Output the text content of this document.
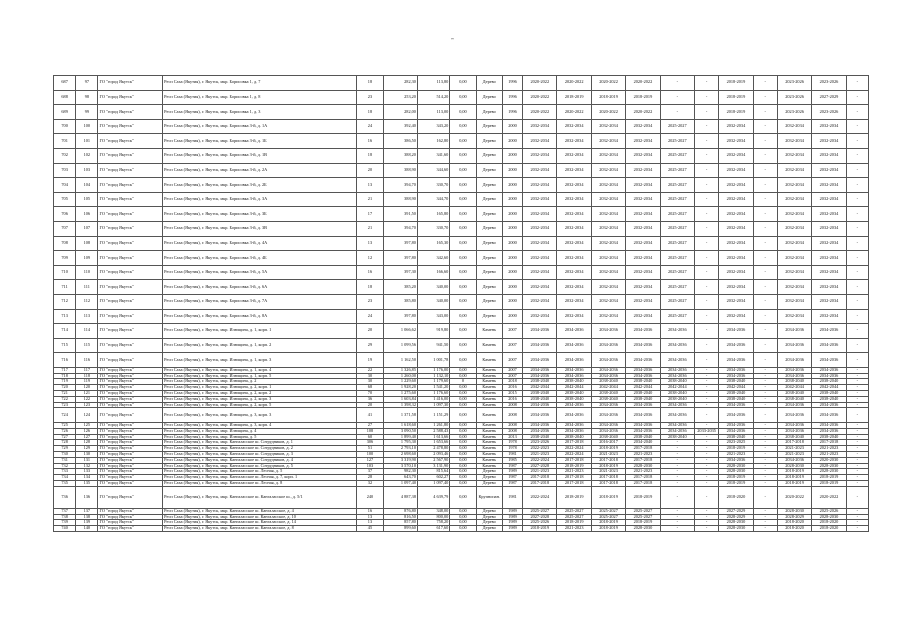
"
687	97	ГО "город Якутск"	Респ Саха (Якутия), г. Якутск, мкр. Борисовка 1, д. 7	18	282,30	113,80	0,00	Дерево	1996	2020-2022	2020-2022	2020-2022	2020-2022	-	-	2018-2019	-	2023-2026	2023-2026	-
688	98	ГО "город Якутск"	Респ Саха (Якутия), г. Якутск, мкр. Борисовка 1, д. 8	23	253,20	514,20	0,00	Дерево	1996	2020-2022	2018-2019	2018-2019	2018-2019	-	-	2018-2019	-	2023-2026	2027-2029	-
689	99	ГО "город Якутск"	Респ Саха (Якутия), г. Якутск, мкр. Борисовка 1, д. 3	18	282,00	113,00	0,00	Дерево	1996	2020-2022	2020-2022	2020-2022	2020-2022	-	-	2018-2019	-	2023-2026	2023-2026	-
700	100	ГО "город Якутск"	Респ Саха (Якутия), г. Якутск, мкр. Борисовка 3-й, д. 1А	24	392,40	343,20	0,00	Дерево	2000	2032-2034	2032-2034	2032-2034	2032-2034	2025-2027	-	2032-2034	-	2032-2034	2032-2034	-
701	101	ГО "город Якутск"	Респ Саха (Якутия), г. Якутск, мкр. Борисовка 3-й, д. 1Б	16	386,50	162,80	0,00	Дерево	2000	2032-2034	2032-2034	2032-2034	2032-2034	2025-2027	-	2032-2034	-	2032-2034	2032-2034	-
702	102	ГО "город Якутск"	Респ Саха (Якутия), г. Якутск, мкр. Борисовка 3-й, д. 1В	18	388,20	341,60	0,00	Дерево	2000	2032-2034	2032-2034	2032-2034	2032-2034	2025-2027	-	2032-2034	-	2032-2034	2032-2034	-
703	103	ГО "город Якутск"	Респ Саха (Якутия), г. Якутск, мкр. Борисовка 3-й, д. 2А	20	388,90	344,60	0,00	Дерево	2000	2032-2034	2032-2034	2032-2034	2032-2034	2025-2027	-	2032-2034	-	2032-2034	2032-2034	-
704	104	ГО "город Якутск"	Респ Саха (Якутия), г. Якутск, мкр. Борисовка 3-й, д. 2Б	13	394,70	330,70	0,00	Дерево	2000	2032-2034	2032-2034	2032-2034	2032-2034	2025-2027	-	2032-2034	-	2032-2034	2032-2034	-
705	105	ГО "город Якутск"	Респ Саха (Якутия), г. Якутск, мкр. Борисовка 3-й, д. 3А	21	388,90	344,70	0,00	Дерево	2000	2032-2034	2032-2034	2032-2034	2032-2034	2025-2027	-	2032-2034	-	2032-2034	2032-2034	-
706	106	ГО "город Якутск"	Респ Саха (Якутия), г. Якутск, мкр. Борисовка 3-й, д. 3Б	17	391,50	165,80	0,00	Дерево	2000	2032-2034	2032-2034	2032-2034	2032-2034	2025-2027	-	2032-2034	-	2032-2034	2032-2034	-
707	107	ГО "город Якутск"	Респ Саха (Якутия), г. Якутск, мкр. Борисовка 3-й, д. 3В	21	394,70	330,70	0,00	Дерево	2000	2032-2034	2032-2034	2032-2034	2032-2034	2025-2027	-	2032-2034	-	2032-2034	2032-2034	-
708	108	ГО "город Якутск"	Респ Саха (Якутия), г. Якутск, мкр. Борисовка 3-й, д. 4А	13	397,80	165,30	0,00	Дерево	2000	2032-2034	2032-2034	2032-2034	2032-2034	2025-2027	-	2032-2034	-	2032-2034	2032-2034	-
709	109	ГО "город Якутск"	Респ Саха (Якутия), г. Якутск, мкр. Борисовка 3-й, д. 4Б	12	397,80	342,60	0,00	Дерево	2000	2032-2034	2032-2034	2032-2034	2032-2034	2025-2027	-	2032-2034	-	2032-2034	2032-2034	-
710	110	ГО "город Якутск"	Респ Саха (Якутия), г. Якутск, мкр. Борисовка 3-й, д. 5А	16	397,30	166,60	0,00	Дерево	2000	2032-2034	2032-2034	2032-2034	2032-2034	2025-2027	-	2032-2034	-	2032-2034	2032-2034	-
711	111	ГО "город Якутск"	Респ Саха (Якутия), г. Якутск, мкр. Борисовка 3-й, д. 6А	18	385,20	340,00	0,00	Дерево	2000	2032-2034	2032-2034	2032-2034	2032-2034	2025-2027	-	2032-2034	-	2032-2034	2032-2034	-
712	112	ГО "город Якутск"	Респ Саха (Якутия), г. Якутск, мкр. Борисовка 3-й, д. 7А	23	385,80	340,00	0,00	Дерево	2000	2032-2034	2032-2034	2032-2034	2032-2034	2025-2027	-	2032-2034	-	2032-2034	2032-2034	-
713	113	ГО "город Якутск"	Респ Саха (Якутия), г. Якутск, мкр. Борисовка 3-й, д. 8А	24	397,80	343,00	0,00	Дерево	2000	2032-2034	2032-2034	2032-2034	2032-2034	2025-2027	-	2032-2034	-	2032-2034	2032-2034	-
714	114	ГО "город Якутск"	Респ Саха (Якутия), г. Якутск, мкр. Илющина, д. 1, корп. 1	20	1 066,62	919,80	0,00	Камень	2007	2034-2036	2034-2036	2034-2036	2034-2036	2034-2036	-	2034-2036	-	2034-2036	2034-2036	-
715	115	ГО "город Якутск"	Респ Саха (Якутия), г. Якутск, мкр. Илющина, д. 1, корп. 2	29	1 099,56	941,50	0,00	Камень	2007	2034-2036	2034-2036	2034-2036	2034-2036	2034-2036	-	2034-2036	-	2034-2036	2034-2036	-
716	116	ГО "город Якутск"	Респ Саха (Якутия), г. Якутск, мкр. Илющина, д. 1, корп. 3	19	1 162,50	1 001,78	0,00	Камень	2007	2034-2036	2034-2036	2034-2036	2034-2036	2034-2036	-	2034-2036	-	2034-2036	2034-2036	-
717	117	ГО "город Якутск"	Респ Саха (Якутия), г. Якутск, мкр. Илющина, д. 1, корп. 4	22	1 326,85	1 176,00	0,00	Камень	2007	2034-2036	2034-2036	2034-2036	2034-2036	2034-2036	-	2034-2036	-	2034-2036	2034-2036	-
718	118	ГО "город Якутск"	Респ Саха (Якутия), г. Якутск, мкр. Илющина, д. 1, корп. 5	30	1 260,00	1 132,10	0,00	Камень	2007	2034-2036	2034-2036	2034-2036	2034-2036	2034-2036	-	2034-2036	-	2034-2036	2034-2036	-
719	119	ГО "город Якутск"	Респ Саха (Якутия), г. Якутск, мкр. Илющина, д. 2	30	1 229,60	1 179,60	0	Камень	2018	2038-2040	2038-2040	2038-2040	2038-2040	2038-2040	-	2038-2040	-	2038-2040	2038-2040	-
720	120	ГО "город Якутск"	Респ Саха (Якутия), г. Якутск, мкр. Илющина, д. 2, корп. 1	68	1 928,20	1 541,20	0,00	Камень	2016	2042-2044	2042-2044	2042-2044	2042-2044	2042-2044	-	2042-2044	-	2042-2044	2042-2044	-
721	121	ГО "город Якутск"	Респ Саха (Якутия), г. Якутск, мкр. Илющина, д. 2, корп. 2	70	1 275,60	1 176,60	0,00	Камень	2015	2038-2040	2038-2040	2038-2040	2038-2040	2038-2040	-	2038-2040	-	2038-2040	2038-2040	-
722	122	ГО "город Якутск"	Респ Саха (Якутия), г. Якутск, мкр. Илющина, д. 2, корп. 3	36	1 603,84	1 416,00	0,00	Камень	2016	2038-2040	2038-2040	2038-2040	2038-2040	2038-2040	-	2038-2040	-	2038-2040	2038-2040	-
723	123	ГО "город Якутск"	Респ Саха (Якутия), г. Якутск, мкр. Илющина, д. 2, корп. 5	20	1 398,32	1 097,30	0,00	Камень	2008	2034-2036	2034-2036	2034-2036	2034-2036	2034-2036	-	2034-2036	-	2034-2036	2034-2036	-
724	124	ГО "город Якутск"	Респ Саха (Якутия), г. Якутск, мкр. Илющина, д. 3, корп. 3	41	1 371,58	1 151,29	0,00	Камень	2008	2034-2036	2034-2036	2034-2036	2034-2036	2034-2036	-	2034-2036	-	2034-2036	2034-2036	-
725	125	ГО "город Якутск"	Респ Саха (Якутия), г. Якутск, мкр. Илющина, д. 3, корп. 4	27	1 618,60	1 261,80	0,00	Камень	2008	2034-2036	2034-2036	2034-2036	2034-2036	2034-2036	-	2034-2036	-	2034-2036	2034-2036	-
726	126	ГО "город Якутск"	Респ Саха (Якутия), г. Якутск, мкр. Илющина, д. 4	108	3 090,50	2 588,43	0,00	Камень	2008	2034-2036	2034-2036	2034-2036	2034-2036	2034-2036	2033-2035	2034-2036	-	2034-2036	2034-2036	-
727	127	ГО "город Якутск"	Респ Саха (Якутия), г. Якутск, мкр. Илющина, д. 5	60	1 899,40	1 613,66	0,00	Камень	2013	2038-2040	2038-2040	2038-2040	2038-2040	2038-2040	-	2038-2040	-	2038-2040	2038-2040	-
728	128	ГО "город Якутск"	Респ Саха (Якутия), г. Якутск, мкр. Кангаласское ш. Сотрудников, д. 1	306	1 795,30	1 653,66	0,00	Камень	1978	2023-2026	2017-2018	2016-2017	2034-2040	-	-	2023-2025	-	2017-2018	2017-2018	-
729	129	ГО "город Якутск"	Респ Саха (Якутия), г. Якутск, мкр. Кангаласское ш. Сотрудников, д. 2	51	2 793,10	2 478,80	0,00	Камень	1978	2022-2023	2022-2024	2018-2019	2017-2018	-	-	2018-2019	-	2021-2023	2021-2023	-
730	130	ГО "город Якутск"	Респ Саха (Якутия), г. Якутск, мкр. Кангаласское ш. Сотрудников, д. 3	100	2 698,60	2 093,46	0,00	Камень	1981	2021-2023	2022-2024	2021-2023	2021-2023	-	-	2021-2023	-	2021-2023	2021-2023	-
731	131	ГО "город Якутск"	Респ Саха (Якутия), г. Якутск, мкр. Кангаласское ш. Сотрудников, д. 4	127	3 319,90	2 567,90	0,00	Камень	1985	2022-2024	2017-2018	2017-2018	2017-2018	-	-	2034-2036	-	2034-2036	2020-2030	-
732	132	ГО "город Якутск"	Респ Саха (Якутия), г. Якутск, мкр. Кангаласское ш. Сотрудников, д. 5	103	3 570,10	3 131,90	0,00	Камень	1987	2027-2028	2018-2019	2018-2019	2028-2030	-	-	2028-2030	-	2028-2030	2028-2030	-
733	133	ГО "город Якутск"	Респ Саха (Якутия), г. Якутск, мкр. Кангаласское ш. Лесная, д. 5	37	982,30	815,64	0,00	Дерево	1989	2021-2023	2021-2023	2021-2023	2021-2023	-	-	2028-2030	-	2018-2019	2028-2030	-
734	134	ГО "город Якутск"	Респ Саха (Якутия), г. Якутск, мкр. Кангаласское ш. Лесная, д. 7, корп. 1	28	643,70	602,27	0,00	Дерево	1987	2017-2018	2017-2018	2017-2018	2017-2018	-	-	2018-2019	-	2018-2019	2018-2019	-
735	135	ГО "город Якутск"	Респ Саха (Якутия), г. Якутск, мкр. Кангаласское ш. Лесная, д. 8	32	1 097,40	1 097,40	0,00	Дерево	1987	2017-2018	2017-2018	2017-2018	2017-2018	-	-	2018-2019	-	2018-2019	2018-2019	-
736	136	ГО "город Якутск"	Респ Саха (Якутия), г. Якутск, мкр. Кангаласское ш. Кангаласское ш., д. 5/1	240	4 887,38	4 639,79	0,00	Крупнопан.	1981	2022-2024	2018-2019	2018-2019	2018-2019	-	-	2018-2020	-	2020-2022	2020-2022	-
737	137	ГО "город Якутск"	Респ Саха (Якутия), г. Якутск, мкр. Кангаласское ш. Кангаласское, д. 4	16	876,80	348,00	0,00	Дерево	1989	2025-2027	2025-2027	2025-2027	2025-2027	-	-	2027-2029	-	2028-2030	2025-2026	-
738	138	ГО "город Якутск"	Респ Саха (Якутия), г. Якутск, мкр. Кангаласское ш. Кангаласское, д. 10	13	816,50	800,00	0,00	Дерево	1989	2027-2028	2025-2027	2025-2027	2025-2027	-	-	2028-2029	-	2028-2029	2028-2030	-
739	139	ГО "город Якутск"	Респ Саха (Якутия), г. Якутск, мкр. Кангаласское ш. Кангаласское, д. 14	13	857,80	758,20	0,00	Дерево	1989	2025-2026	2018-2019	2018-2019	2018-2019	-	-	2028-2030	-	2018-2020	2018-2020	-
740	140	ГО "город Якутск"	Респ Саха (Якутия), г. Якутск, мкр. Кангаласское ш. Кангаласское, д. 8	45	899,60	617,60	0,00	Дерево	1989	2018-2019	2021-2023	2018-2019	2028-2030	-	-	2028-2030	-	2018-2020	2018-2020	-
